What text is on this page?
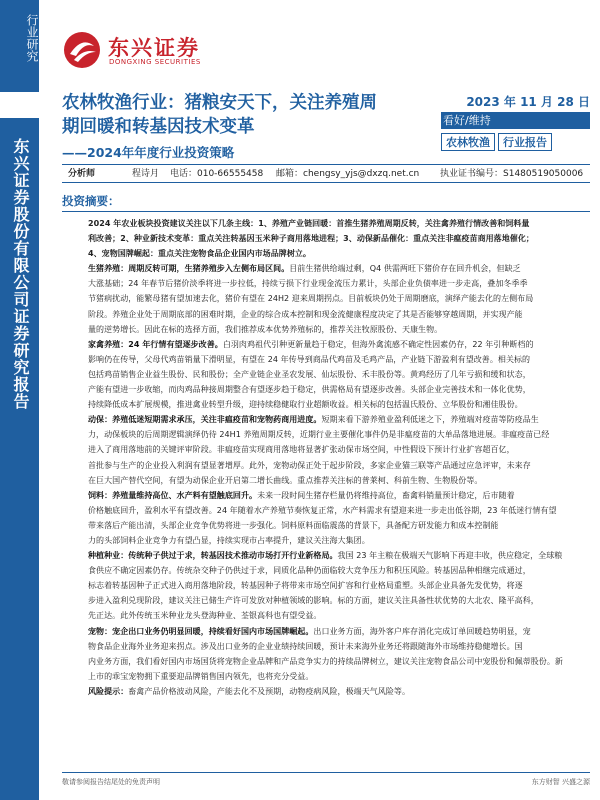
行业研究
东兴证券股份有限公司证券研究报告
东兴证券
DONGXING SECURITIES
农林牧渔行业：猪粮安天下，关注养殖周
期回暖和转基因技术变革
——2024年年度行业投资策略
2023 年 11 月 28 日
看好/维持
农林牧渔	行业报告
分析师	程诗月 电话：010-66555458 邮箱：chengsy_yjs@dxzq.net.cn 执业证书编号：S1480519050006
投资摘要：
2024 年农业板块投资建议关注以下几条主线：1、养殖产业链回暖：首推生猪养殖周期反转，关注禽养殖行情改善和饲料量
利改善；2、种业新技术变革：重点关注转基因玉米种子商用落地进程；3、动保新品催化：重点关注非瘟疫苗商用落地催化；
4、宠物国牌崛起：重点关注宠物食品企业国内市场品牌树立。
生猪养殖：周期反转可期，生猪养殖步入左侧布局区间。目前生猪供给端过剩，Q4 供需两旺下猪价存在回升机会，但缺乏
大涨基础；24 年春节后猪价淡季将进一步拉低，持续亏损下行业现金流压力累计，头部企业负债率进一步走高，叠加冬季季
节猪病扰动，能繁母猪有望加速去化，猪价有望在 24H2 迎来周期拐点。目前板块仍处于周期磨底，演绎产能去化的左侧布局
阶段。养殖企业处于周期底部的困难时期，企业的综合成本控制和现金流健康程度决定了其是否能够穿越周期，并实现产能
量的逆势增长。因此在标的选择方面，我们推荐成本优势养殖标的，推荐关注牧原股份、天康生物。
家禽养殖：24 年行情有望逐步改善。白羽肉鸡祖代引种更新量趋于稳定，但海外禽流感不确定性因素仍存，22 年引种断档的
影响仍在传导，父母代鸡苗销量下滑明显，有望在 24 年传导到商品代鸡苗及毛鸡产品，产业链下游盈利有望改善。相关标的
包括鸡苗销售企业益生股份、民和股份；全产业链企业圣农发展、仙坛股份、禾丰股份等。黄鸡经历了几年亏损和缓和状态，
产能有望进一步收缩，而肉鸡品种接周期整合有望逐步趋于稳定，供需格局有望逐步改善。头部企业完善技术和一体化优势，
持续降低成本扩展规模，推进禽业转型升级，迎持续稳健取行业超额收益。相关标的包括温氏股份、立华股份和湘佳股份。
动保：养殖低迷短期需求承压，关注非瘟疫苗和宠物药商用进度。短期来看下游养殖业盈利低迷之下，养殖端对疫苗等防疫品生
力，动保板块的后周期逻辑演绎仍待 24H1 养殖周期反转，近期行业主要催化事件仍是非瘟疫苗的大单品落地进展。非瘟疫苗已经
进入了商用落地前的关键评审阶段。非瘟疫苗实现商用落地将显著扩张动保市场空间，中性假设下预计行业扩容超百亿，
首批参与生产的企业投入利润有望显著增厚。此外，宠物动保正处于起步阶段，多家企业猫三联等产品通过应急评审，未来存
在巨大国产替代空间，有望为动保企业开启第二增长曲线。重点推荐关注标的普莱柯、科前生物、生物股份等。
饲料：养殖量维持高位、水产料有望触底回升。未来一段时间生猪存栏量仍将维持高位，畜禽料销量预计稳定，后市随着
价格触底回升，盈利水平有望改善。24 年随着水产养殖节奏恢复正常，水产料需求有望迎来进一步走出低谷期，23 年低迷行情有望
带来落后产能出清，头部企业竞争优势将进一步强化。饲料原料面临震荡的背景下，具备配方研发能力和成本控制能
力的头部饲料企业竞争力有望凸显，持续实现市占率提升，建议关注海大集团。
种植种业：传统种子供过于求，转基因技术推动市场打开行业新格局。我国 23 年主粮在极端天气影响下再迎丰收，供应稳定，全球粮
食供应不确定因素仍存。传统杂交种子仍供过于求，同质化品种仍面临较大竞争压力和积压风险。转基因品种相继完成通过，
标志着转基因种子正式进入商用落地阶段，转基因种子将带来市场空间扩容和行业格局重塑。头部企业具备先发优势，将逐
步进入盈利兑现阶段，建议关注已储生产许可发放对种植领域的影响。标的方面，建议关注具备性状优势的大北农、隆平高科，
先正达。此外传统玉米种业龙头登海种业、荃银高科也有望受益。
宠物：宠企出口业务仍明显回暖，持续看好国内市场国牌崛起。出口业务方面，海外客户库存消化完成订单回暖趋势明显，宠
物食品企业海外业务迎来拐点。涉及出口业务的企业业绩持续回暖，预计未来海外业务还将跟随海外市场维持稳健增长。国
内业务方面，我们看好国内市场国货将宠物企业品牌和产品竞争实力的持续品牌树立，建议关注宠物食品公司中宠股份和佩蒂股份。新
上市的乖宝宠物拥下重要迎品牌销售国内领先，也将充分受益。
风险提示：畜禽产品价格波动风险，产能去化不及预期，动物疫病风险，极端天气风险等。
敬请参阅报告结尾处的免责声明	东方财智 兴盛之源
